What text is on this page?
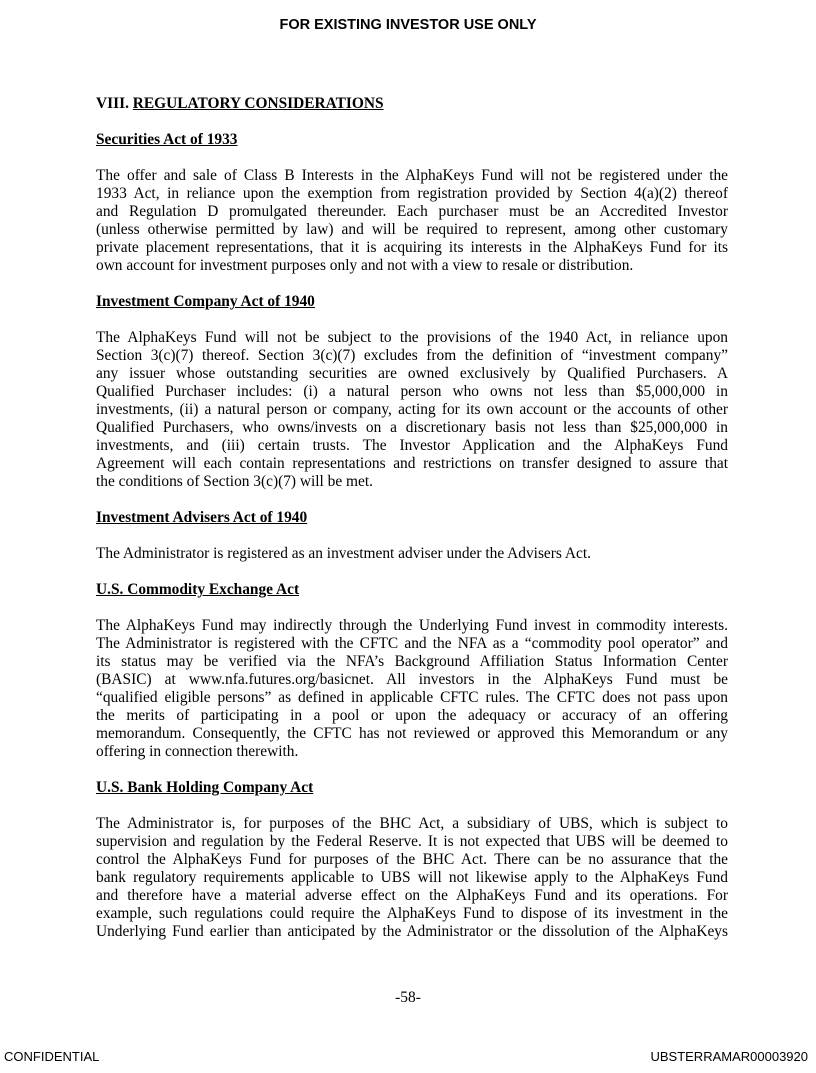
FOR EXISTING INVESTOR USE ONLY
VIII. REGULATORY CONSIDERATIONS
Securities Act of 1933
The offer and sale of Class B Interests in the AlphaKeys Fund will not be registered under the
1933 Act, in reliance upon the exemption from registration provided by Section 4(a)(2) thereof
and Regulation D promulgated thereunder. Each purchaser must be an Accredited Investor
(unless otherwise permitted by law) and will be required to represent, among other customary
private placement representations, that it is acquiring its interests in the AlphaKeys Fund for its
own account for investment purposes only and not with a view to resale or distribution.
Investment Company Act of 1940
The AlphaKeys Fund will not be subject to the provisions of the 1940 Act, in reliance upon
Section 3(c)(7) thereof. Section 3(c)(7) excludes from the definition of “investment company”
any issuer whose outstanding securities are owned exclusively by Qualified Purchasers. A
Qualified Purchaser includes: (i) a natural person who owns not less than $5,000,000 in
investments, (ii) a natural person or company, acting for its own account or the accounts of other
Qualified Purchasers, who owns/invests on a discretionary basis not less than $25,000,000 in
investments, and (iii) certain trusts. The Investor Application and the AlphaKeys Fund
Agreement will each contain representations and restrictions on transfer designed to assure that
the conditions of Section 3(c)(7) will be met.
Investment Advisers Act of 1940
The Administrator is registered as an investment adviser under the Advisers Act.
U.S. Commodity Exchange Act
The AlphaKeys Fund may indirectly through the Underlying Fund invest in commodity interests.
The Administrator is registered with the CFTC and the NFA as a “commodity pool operator” and
its status may be verified via the NFA’s Background Affiliation Status Information Center
(BASIC) at www.nfa.futures.org/basicnet. All investors in the AlphaKeys Fund must be
“qualified eligible persons” as defined in applicable CFTC rules. The CFTC does not pass upon
the merits of participating in a pool or upon the adequacy or accuracy of an offering
memorandum. Consequently, the CFTC has not reviewed or approved this Memorandum or any
offering in connection therewith.
U.S. Bank Holding Company Act
The Administrator is, for purposes of the BHC Act, a subsidiary of UBS, which is subject to
supervision and regulation by the Federal Reserve. It is not expected that UBS will be deemed to
control the AlphaKeys Fund for purposes of the BHC Act. There can be no assurance that the
bank regulatory requirements applicable to UBS will not likewise apply to the AlphaKeys Fund
and therefore have a material adverse effect on the AlphaKeys Fund and its operations. For
example, such regulations could require the AlphaKeys Fund to dispose of its investment in the
Underlying Fund earlier than anticipated by the Administrator or the dissolution of the AlphaKeys
-58-
CONFIDENTIAL	UBSTERRAMAR00003920
